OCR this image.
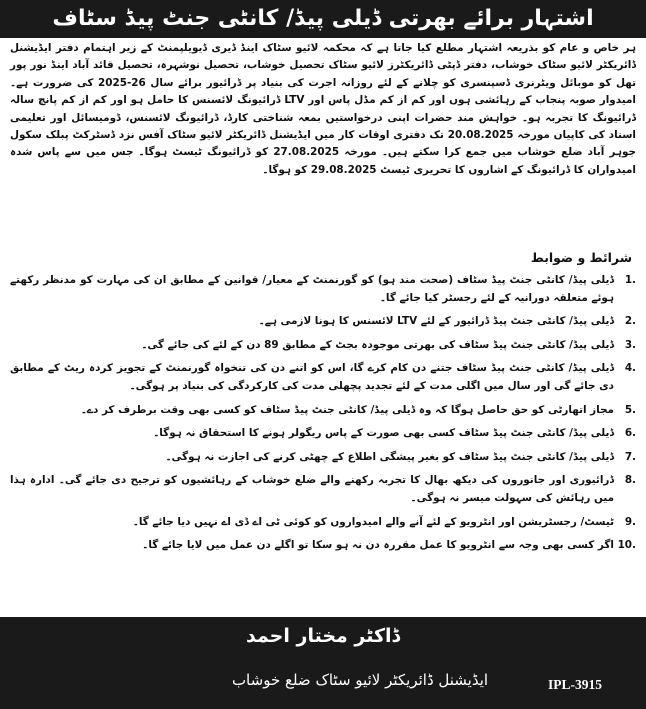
اشتہار برائے بھرتی ڈیلی پیڈ/ کانٹی جنٹ پیڈ سٹاف
ہر خاص و عام کو بذریعہ اشتہار مطلع کیا جاتا ہے کہ محکمہ لائیو سٹاک اینڈ ڈیری ڈیویلپمنٹ کے زیر اہتمام دفتر ایڈیشنل ڈائریکٹر لائیو سٹاک خوشاب، دفتر ڈپٹی ڈائریکٹرز لائیو سٹاک تحصیل خوشاب، تحصیل نوشہرہ، تحصیل قائد آباد اینڈ نور پور تھل کو موبائل ویٹرنری ڈسپنسری کو چلانے کے لئے روزانہ اجرت کی بنیاد پر ڈرائیور برائے سال 2025-26 کی ضرورت ہے۔ امیدوار صوبہ پنجاب کے رہائشی ہوں اور کم از کم مڈل پاس اور LTV ڈرائیونگ لائسنس کا حامل ہو اور کم از کم پانچ سالہ ڈرائیونگ کا تجربہ ہو۔ خواہش مند حضرات اپنی درخواستیں بمعہ شناختی کارڈ، ڈرائیونگ لائسنس، ڈومیسائل اور تعلیمی اسناد کی کاپیاں مورخہ 20.08.2025 تک دفتری اوقات کار میں ایڈیشنل ڈائریکٹر لائیو سٹاک آفس نزد ڈسٹرکٹ پبلک سکول جوہر آباد ضلع خوشاب میں جمع کرا سکتے ہیں۔ مورخہ 27.08.2025 کو ڈرائیونگ ٹیسٹ ہوگا۔ جس میں سے پاس شدہ امیدواران کا ڈرائیونگ کے اشاروں کا تحریری ٹیسٹ 29.08.2025 کو ہوگا۔
شرائط و ضوابط
1.
ڈیلی پیڈ/ کانٹی جنٹ پیڈ سٹاف (صحت مند ہو) کو گورنمنٹ کے معیار/ قوانین کے مطابق ان کی مہارت کو مدنظر رکھتے ہوئے متعلقہ دورانیہ کے لئے رجسٹر کیا جائے گا۔
2.
ڈیلی پیڈ/ کانٹی جنٹ پیڈ ڈرائیور کے لئے LTV لائسنس کا ہونا لازمی ہے۔
3.
ڈیلی پیڈ/ کانٹی جنٹ پیڈ سٹاف کی بھرتی موجودہ بجٹ کے مطابق 89 دن کے لئے کی جائے گی۔
4.
ڈیلی پیڈ/ کانٹی جنٹ پیڈ سٹاف جتنے دن کام کرے گا، اس کو اتنے دن کی تنخواہ گورنمنٹ کے تجویز کردہ ریٹ کے مطابق دی جائے گی اور سال میں اگلی مدت کے لئے تجدید پچھلی مدت کی کارکردگی کی بنیاد پر ہوگی۔
5.
مجاز اتھارٹی کو حق حاصل ہوگا کہ وہ ڈیلی پیڈ/ کانٹی جنٹ پیڈ سٹاف کو کسی بھی وقت برطرف کر دے۔
6.
ڈیلی پیڈ/ کانٹی جنٹ پیڈ سٹاف کسی بھی صورت کے پاس ریگولر ہونے کا استحقاق نہ ہوگا۔
7.
ڈیلی پیڈ/ کانٹی جنٹ پیڈ سٹاف کو بغیر پیشگی اطلاع کے چھٹی کرنے کی اجازت نہ ہوگی۔
8.
ڈرائیوری اور جانوروں کی دیکھ بھال کا تجربہ رکھنے والے ضلع خوشاب کے رہائشیوں کو ترجیح دی جائے گی۔ ادارہ ہذا میں رہائش کی سہولت میسر نہ ہوگی۔
9.
ٹیسٹ/ رجسٹریشن اور انٹرویو کے لئے آنے والے امیدواروں کو کوئی ٹی اے ڈی اے نہیں دیا جائے گا۔
10.
اگر کسی بھی وجہ سے انٹرویو کا عمل مقررہ دن نہ ہو سکا تو اگلے دن عمل میں لایا جائے گا۔
ڈاکٹر مختار احمد
ایڈیشنل ڈائریکٹر لائیو سٹاک ضلع خوشاب	IPL-3915
